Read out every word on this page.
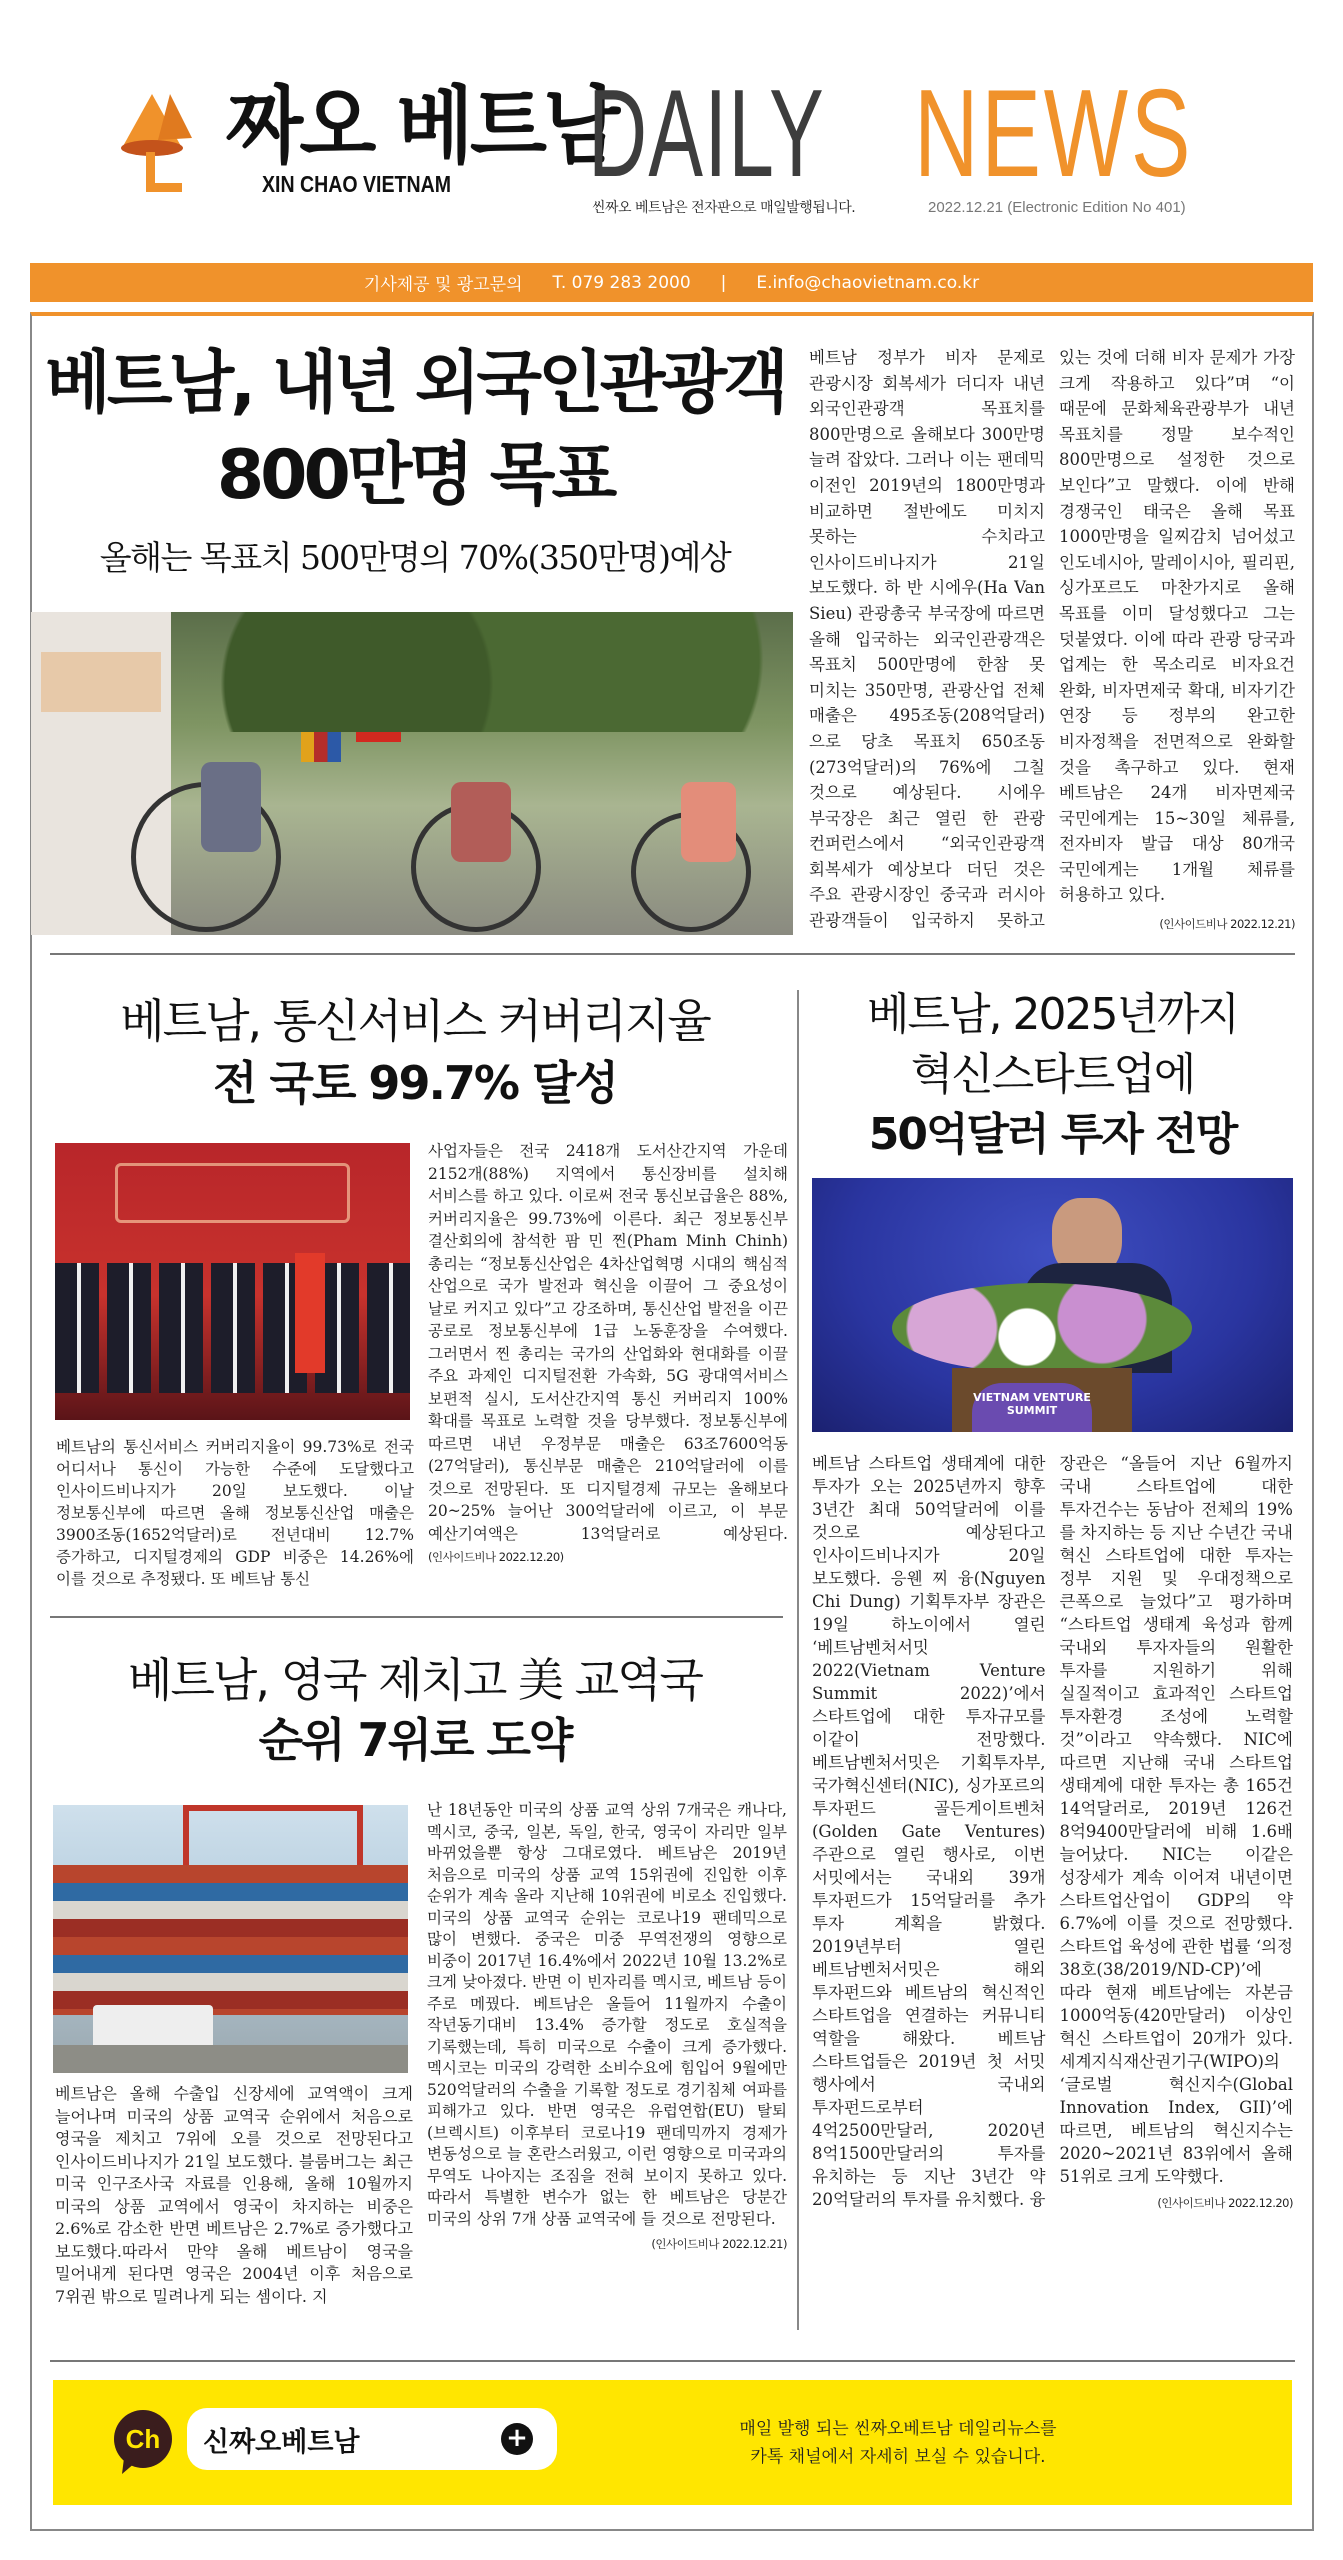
짜오 베트남
XIN CHAO VIETNAM DAILY NEWS
씬짜오 베트남은 전자판으로 매일발행됩니다.	2022.12.21 (Electronic Edition No 401)
기사제공 및 광고문의 T. 079 283 2000 | E.info@chaovietnam.co.kr
베트남, 내년 외국인관광객
800만명 목표
올해는 목표치 500만명의 70%(350만명)예상
베트남 정부가 비자 문제로 관광시장 회복세가 더디자 내년 외국인관광객 목표치를 800만명으로 올해보다 300만명 늘려 잡았다. 그러나 이는 팬데믹 이전인 2019년의 1800만명과 비교하면 절반에도 미치지 못하는 수치라고 인사이드비나지가 21일 보도했다. 하 반 시에우(Ha Van Sieu) 관광총국 부국장에 따르면 올해 입국하는 외국인관광객은 목표치 500만명에 한참 못 미치는 350만명, 관광산업 전체 매출은 495조동(208억달러)으로 당초 목표치 650조동(273억달러)의 76%에 그칠 것으로 예상된다. 시에우 부국장은 최근 열린 한 관광 컨퍼런스에서 “외국인관광객 회복세가 예상보다 더딘 것은 주요 관광시장인 중국과 러시아 관광객들이 입국하지 못하고 있는 것에 더해 비자 문제가 가장 크게 작용하고 있다”며 “이 때문에 문화체육관광부가 내년 목표치를 정말 보수적인 800만명으로 설정한 것으로 보인다”고 말했다. 이에 반해 경쟁국인 태국은 올해 목표 1000만명을 일찌감치 넘어섰고 인도네시아, 말레이시아, 필리핀, 싱가포르도 마찬가지로 올해 목표를 이미 달성했다고 그는 덧붙였다. 이에 따라 관광 당국과 업계는 한 목소리로 비자요건 완화, 비자면제국 확대, 비자기간 연장 등 정부의 완고한 비자정책을 전면적으로 완화할 것을 촉구하고 있다. 현재 베트남은 24개 비자면제국 국민에게는 15~30일 체류를, 전자비자 발급 대상 80개국 국민에게는 1개월 체류를 허용하고 있다.
(인사이드비나 2022.12.21)
베트남, 통신서비스 커버리지율
전 국토 99.7% 달성
베트남의 통신서비스 커버리지율이 99.73%로 전국 어디서나 통신이 가능한 수준에 도달했다고 인사이드비나지가 20일 보도했다. 이날 정보통신부에 따르면 올해 정보통신산업 매출은 3900조동(1652억달러)로 전년대비 12.7% 증가하고, 디지털경제의 GDP 비중은 14.26%에 이를 것으로 추정됐다. 또 베트남 통신
사업자들은 전국 2418개 도서산간지역 가운데 2152개(88%) 지역에서 통신장비를 설치해 서비스를 하고 있다. 이로써 전국 통신보급율은 88%, 커버리지율은 99.73%에 이른다. 최근 정보통신부 결산회의에 참석한 팜 민 찐(Pham Minh Chinh) 총리는 “정보통신산업은 4차산업혁명 시대의 핵심적 산업으로 국가 발전과 혁신을 이끌어 그 중요성이 날로 커지고 있다”고 강조하며, 통신산업 발전을 이끈 공로로 정보통신부에 1급 노동훈장을 수여했다. 그러면서 찐 총리는 국가의 산업화와 현대화를 이끌 주요 과제인 디지털전환 가속화, 5G 광대역서비스 보편적 실시, 도서산간지역 통신 커버리지 100% 확대를 목표로 노력할 것을 당부했다. 정보통신부에 따르면 내년 우정부문 매출은 63조7600억동(27억달러), 통신부문 매출은 210억달러에 이를 것으로 전망된다. 또 디지털경제 규모는 올해보다 20~25% 늘어난 300억달러에 이르고, 이 부문 예산기여액은 13억달러로 예상된다.(인사이드비나 2022.12.20)
베트남, 2025년까지
혁신스타트업에
50억달러 투자 전망
VIETNAM VENTURE SUMMIT
베트남 스타트업 생태계에 대한 투자가 오는 2025년까지 향후 3년간 최대 50억달러에 이를 것으로 예상된다고 인사이드비나지가 20일 보도했다. 응웬 찌 융(Nguyen Chi Dung) 기획투자부 장관은 19일 하노이에서 열린 ‘베트남벤처서밋 2022(Vietnam Venture Summit 2022)’에서 스타트업에 대한 투자규모를 이같이 전망했다. 베트남벤처서밋은 기획투자부, 국가혁신센터(NIC), 싱가포르의 투자펀드 골든게이트벤처(Golden Gate Ventures) 주관으로 열린 행사로, 이번 서밋에서는 국내외 39개 투자펀드가 15억달러를 추가 투자 계획을 밝혔다. 2019년부터 열린 베트남벤처서밋은 해외 투자펀드와 베트남의 혁신적인 스타트업을 연결하는 커뮤니티 역할을 해왔다. 베트남 스타트업들은 2019년 첫 서밋 행사에서 국내외 투자펀드로부터 4억2500만달러, 2020년 8억1500만달러의 투자를 유치하는 등 지난 3년간 약 20억달러의 투자를 유치했다. 융 장관은 “올들어 지난 6월까지 국내 스타트업에 대한 투자건수는 동남아 전체의 19%를 차지하는 등 지난 수년간 국내 혁신 스타트업에 대한 투자는 정부 지원 및 우대정책으로 큰폭으로 늘었다”고 평가하며 “스타트업 생태계 육성과 함께 국내외 투자자들의 원활한 투자를 지원하기 위해 실질적이고 효과적인 스타트업 투자환경 조성에 노력할 것”이라고 약속했다. NIC에 따르면 지난해 국내 스타트업 생태계에 대한 투자는 총 165건 14억달러로, 2019년 126건 8억9400만달러에 비해 1.6배 늘어났다. NIC는 이같은 성장세가 계속 이어져 내년이면 스타트업산업이 GDP의 약 6.7%에 이를 것으로 전망했다. 스타트업 육성에 관한 법률 ‘의정 38호(38/2019/ND-CP)’에 따라 현재 베트남에는 자본금 1000억동(420만달러) 이상인 혁신 스타트업이 20개가 있다. 세계지식재산권기구(WIPO)의 ‘글로벌 혁신지수(Global Innovation Index, GII)’에 따르면, 베트남의 혁신지수는 2020~2021년 83위에서 올해 51위로 크게 도약했다.
(인사이드비나 2022.12.20)
베트남, 영국 제치고 美 교역국
순위 7위로 도약
베트남은 올해 수출입 신장세에 교역액이 크게 늘어나며 미국의 상품 교역국 순위에서 처음으로 영국을 제치고 7위에 오를 것으로 전망된다고 인사이드비나지가 21일 보도했다. 블룸버그는 최근 미국 인구조사국 자료를 인용해, 올해 10월까지 미국의 상품 교역에서 영국이 차지하는 비중은 2.6%로 감소한 반면 베트남은 2.7%로 증가했다고 보도했다.따라서 만약 올해 베트남이 영국을 밀어내게 된다면 영국은 2004년 이후 처음으로 7위권 밖으로 밀려나게 되는 셈이다. 지
난 18년동안 미국의 상품 교역 상위 7개국은 캐나다, 멕시코, 중국, 일본, 독일, 한국, 영국이 자리만 일부 바뀌었을뿐 항상 그대로였다. 베트남은 2019년 처음으로 미국의 상품 교역 15위권에 진입한 이후 순위가 계속 올라 지난해 10위권에 비로소 진입했다. 미국의 상품 교역국 순위는 코로나19 팬데믹으로 많이 변했다. 중국은 미중 무역전쟁의 영향으로 비중이 2017년 16.4%에서 2022년 10월 13.2%로 크게 낮아졌다. 반면 이 빈자리를 멕시코, 베트남 등이 주로 메꿨다. 베트남은 올들어 11월까지 수출이 작년동기대비 13.4% 증가할 정도로 호실적을 기록했는데, 특히 미국으로 수출이 크게 증가했다. 멕시코는 미국의 강력한 소비수요에 힘입어 9월에만 520억달러의 수출을 기록할 정도로 경기침체 여파를 피해가고 있다. 반면 영국은 유럽연합(EU) 탈퇴(브렉시트) 이후부터 코로나19 팬데믹까지 경제가 변동성으로 늘 혼란스러웠고, 이런 영향으로 미국과의 무역도 나아지는 조짐을 전혀 보이지 못하고 있다.따라서 특별한 변수가 없는 한 베트남은 당분간 미국의 상위 7개 상품 교역국에 들 것으로 전망된다.
(인사이드비나 2022.12.21)
Ch 신짜오베트남	+	매일 발행 되는 씬짜오베트남 데일리뉴스를
카톡 채널에서 자세히 보실 수 있습니다.
